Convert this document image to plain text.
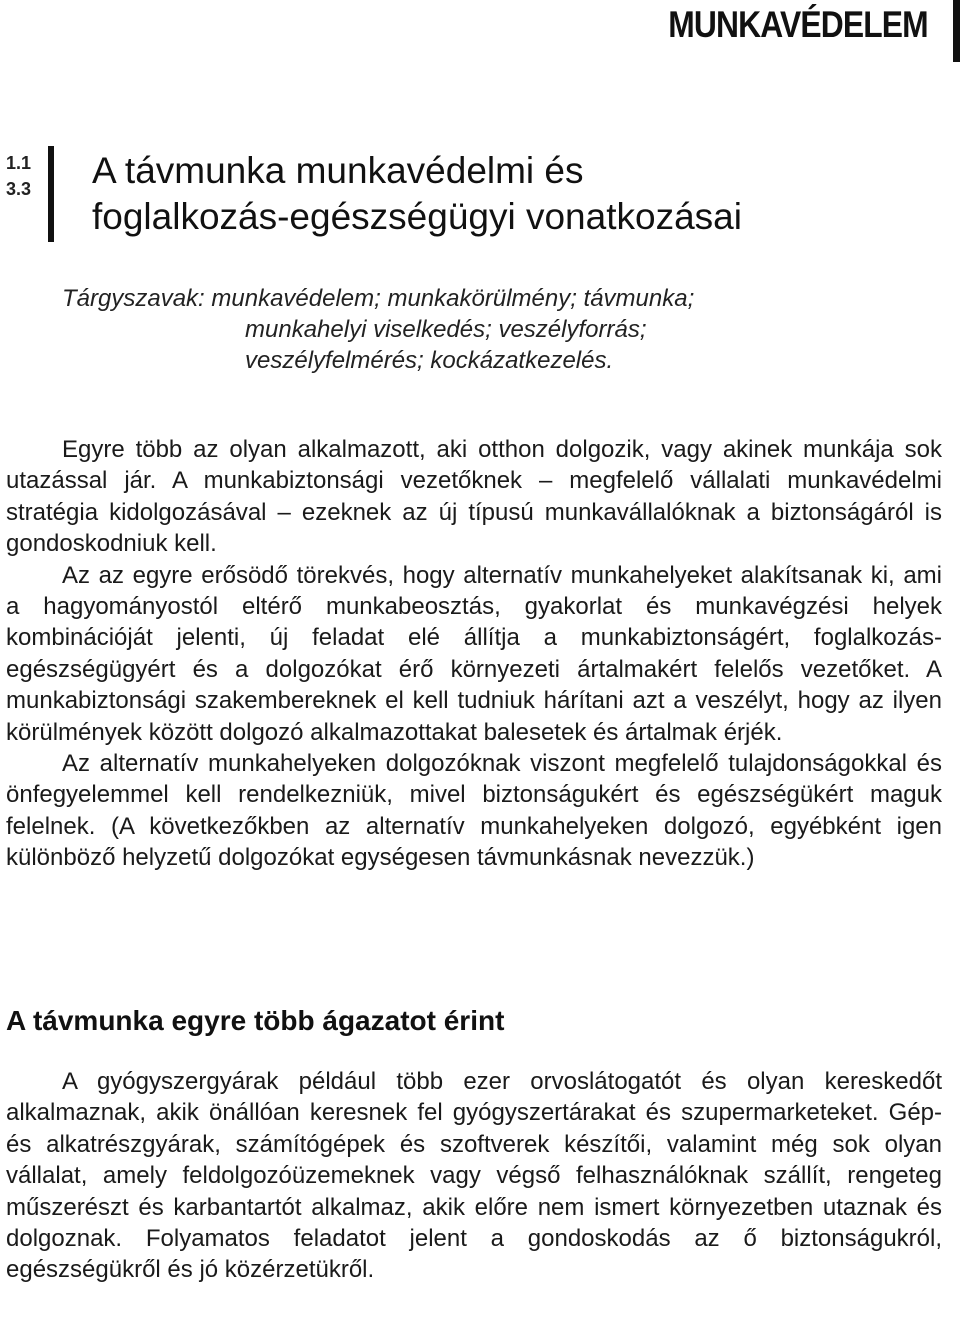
MUNKAVÉDELEM
1.1
3.3 A távmunka munkavédelmi és
foglalkozás-egészségügyi vonatkozásai
Tárgyszavak: munkavédelem; munkakörülmény; távmunka;
munkahelyi viselkedés; veszélyforrás;
veszélyfelmérés; kockázatkezelés.

Egyre több az olyan alkalmazott, aki otthon dolgozik, vagy akinek munkája sok utazással jár. A munkabiztonsági vezetőknek – megfelelő vállalati munkavédelmi stratégia kidolgozásával – ezeknek az új típusú munkavállalóknak a biztonságáról is gondoskodniuk kell.

Az az egyre erősödő törekvés, hogy alternatív munkahelyeket alakítsanak ki, ami a hagyományostól eltérő munkabeosztás, gyakorlat és munkavégzési helyek kombinációját jelenti, új feladat elé állítja a munkabiztonságért, foglalkozás-egészségügyért és a dolgozókat érő környezeti ártalmakért felelős vezetőket. A munkabiztonsági szakembereknek el kell tudniuk hárítani azt a veszélyt, hogy az ilyen körülmények között dolgozó alkalmazottakat balesetek és ártalmak érjék.

Az alternatív munkahelyeken dolgozóknak viszont megfelelő tulajdonságokkal és önfegyelemmel kell rendelkezniük, mivel biztonságukért és egészségükért maguk felelnek. (A következőkben az alternatív munkahelyeken dolgozó, egyébként igen különböző helyzetű dolgozókat egységesen távmunkásnak nevezzük.)

A távmunka egyre több ágazatot érint

A gyógyszergyárak például több ezer orvoslátogatót és olyan kereskedőt alkalmaznak, akik önállóan keresnek fel gyógyszertárakat és szupermarketeket. Gép- és alkatrészgyárak, számítógépek és szoftverek készítői, valamint még sok olyan vállalat, amely feldolgozóüzemeknek vagy végső felhasználóknak szállít, rengeteg műszerészt és karbantartót alkalmaz, akik előre nem ismert környezetben utaznak és dolgoznak. Folyamatos feladatot jelent a gondoskodás az ő biztonságukról, egészségükről és jó közérzetükről.
